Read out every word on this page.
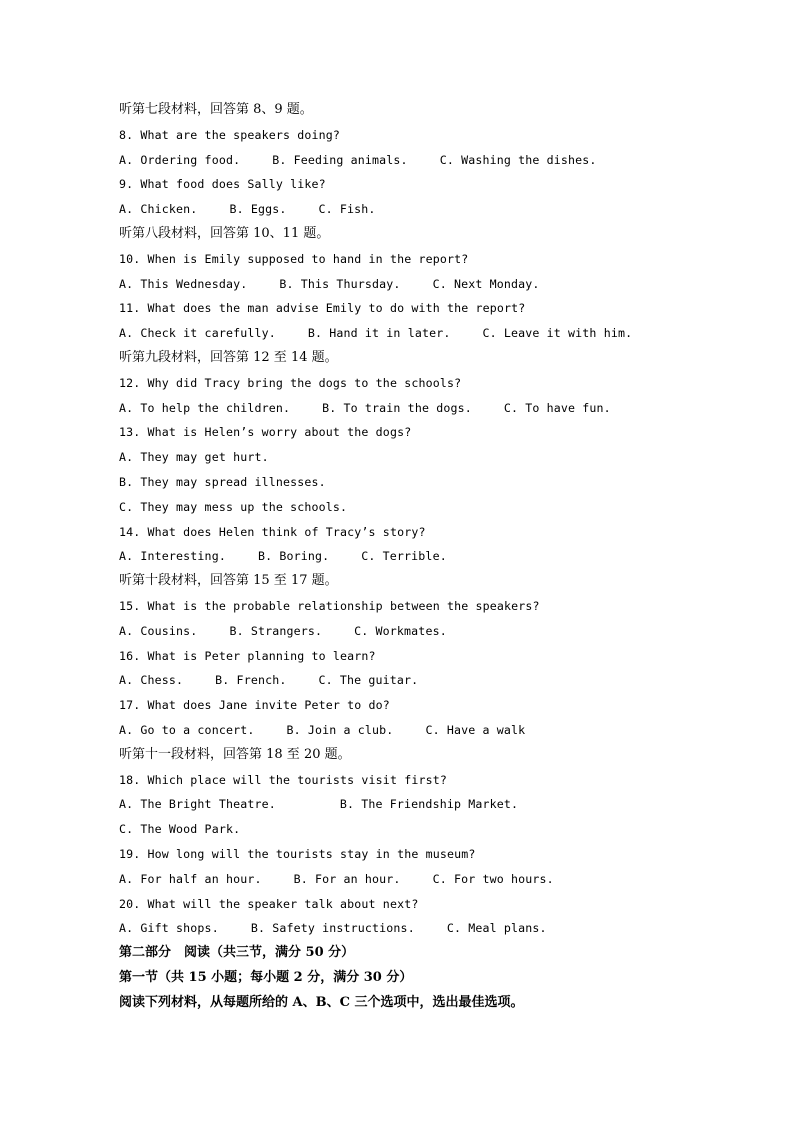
听第七段材料，回答第 8、9 题。
8. What are the speakers doing?
A. Ordering food.	B. Feeding animals.	C. Washing the dishes.
9. What food does Sally like?
A. Chicken.	B. Eggs.	C. Fish.
听第八段材料，回答第 10、11 题。
10. When is Emily supposed to hand in the report?
A. This Wednesday.	B. This Thursday.	C. Next Monday.
11. What does the man advise Emily to do with the report?
A. Check it carefully.	B. Hand it in later.	C. Leave it with him.
听第九段材料，回答第 12 至 14 题。
12. Why did Tracy bring the dogs to the schools?
A. To help the children.	B. To train the dogs.	C. To have fun.
13. What is Helen’s worry about the dogs?
A. They may get hurt.
B. They may spread illnesses.
C. They may mess up the schools.
14. What does Helen think of Tracy’s story?
A. Interesting.	B. Boring.	C. Terrible.
听第十段材料，回答第 15 至 17 题。
15. What is the probable relationship between the speakers?
A. Cousins.	B. Strangers.	C. Workmates.
16. What is Peter planning to learn?
A. Chess.	B. French.	C. The guitar.
17. What does Jane invite Peter to do?
A. Go to a concert.	B. Join a club.	C. Have a walk
听第十一段材料，回答第 18 至 20 题。
18. Which place will the tourists visit first?
A. The Bright Theatre.	B. The Friendship Market.
C. The Wood Park.
19. How long will the tourists stay in the museum?
A. For half an hour.	B. For an hour.	C. For two hours.
20. What will the speaker talk about next?
A. Gift shops.	B. Safety instructions.	C. Meal plans.
第二部分　阅读（共三节，满分 50 分）
第一节（共 15 小题；每小题 2 分，满分 30 分）
阅读下列材料，从每题所给的 A、B、C 三个选项中，选出最佳选项。
